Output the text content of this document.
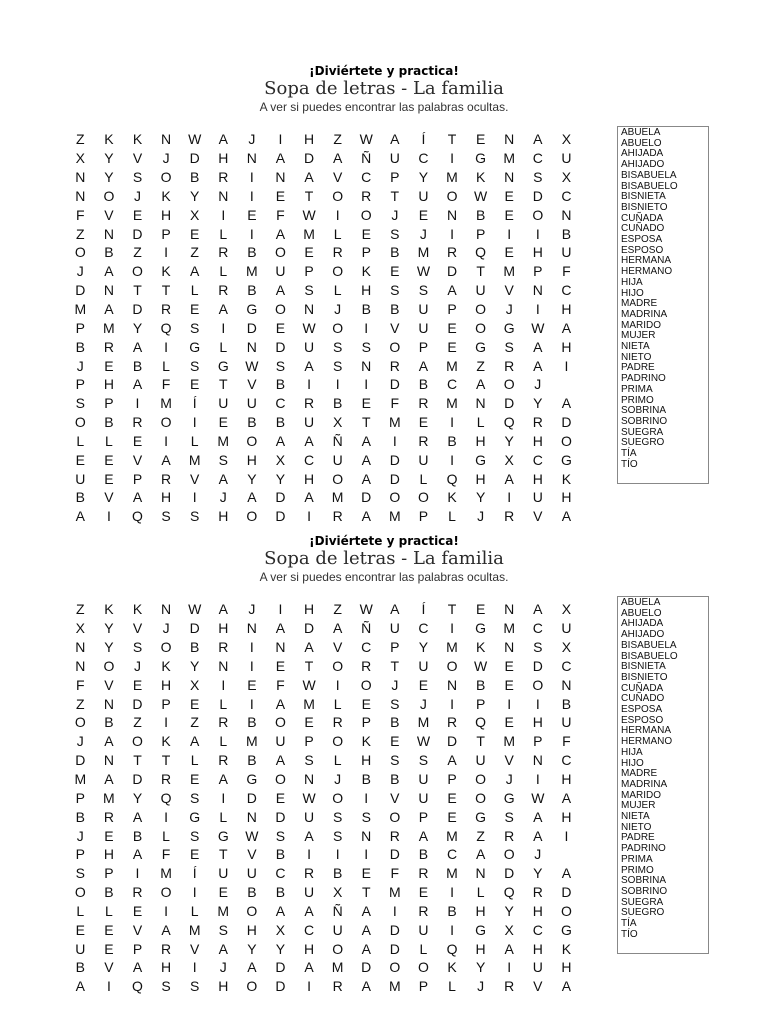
¡Diviértete y practica!
Sopa de letras - La familia
A ver si puedes encontrar las palabras ocultas.
Z	K	K	N	W	A	J	I	H	Z	W	A	Í	T	E	N	A	X
X	Y	V	J	D	H	N	A	D	A	Ñ	U	C	I	G	M	C	U
N	Y	S	O	B	R	I	N	A	V	C	P	Y	M	K	N	S	X
N	O	J	K	Y	N	I	E	T	O	R	T	U	O	W	E	D	C
F	V	E	H	X	I	E	F	W	I	O	J	E	N	B	E	O	N
Z	N	D	P	E	L	I	A	M	L	E	S	J	I	P	I	I	B
O	B	Z	I	Z	R	B	O	E	R	P	B	M	R	Q	E	H	U
J	A	O	K	A	L	M	U	P	O	K	E	W	D	T	M	P	F
D	N	T	T	L	R	B	A	S	L	H	S	S	A	U	V	N	C
M	A	D	R	E	A	G	O	N	J	B	B	U	P	O	J	I	H
P	M	Y	Q	S	I	D	E	W	O	I	V	U	E	O	G	W	A
B	R	A	I	G	L	N	D	U	S	S	O	P	E	G	S	A	H
J	E	B	L	S	G	W	S	A	S	N	R	A	M	Z	R	A	I
P	H	A	F	E	T	V	B	I	I	I	D	B	C	A	O	J
S	P	I	M	Í	U	U	C	R	B	E	F	R	M	N	D	Y	A
O	B	R	O	I	E	B	B	U	X	T	M	E	I	L	Q	R	D
L	L	E	I	L	M	O	A	A	Ñ	A	I	R	B	H	Y	H	O
E	E	V	A	M	S	H	X	C	U	A	D	U	I	G	X	C	G
U	E	P	R	V	A	Y	Y	H	O	A	D	L	Q	H	A	H	K
B	V	A	H	I	J	A	D	A	M	D	O	O	K	Y	I	U	H
A	I	Q	S	S	H	O	D	I	R	A	M	P	L	J	R	V	A
ABUELA
ABUELO
AHIJADA
AHIJADO
BISABUELA
BISABUELO
BISNIETA
BISNIETO
CUÑADA
CUÑADO
ESPOSA
ESPOSO
HERMANA
HERMANO
HIJA
HIJO
MADRE
MADRINA
MARIDO
MUJER
NIETA
NIETO
PADRE
PADRINO
PRIMA
PRIMO
SOBRINA
SOBRINO
SUEGRA
SUEGRO
TÍA
TÍO
¡Diviértete y practica!
Sopa de letras - La familia
A ver si puedes encontrar las palabras ocultas.
Z	K	K	N	W	A	J	I	H	Z	W	A	Í	T	E	N	A	X
X	Y	V	J	D	H	N	A	D	A	Ñ	U	C	I	G	M	C	U
N	Y	S	O	B	R	I	N	A	V	C	P	Y	M	K	N	S	X
N	O	J	K	Y	N	I	E	T	O	R	T	U	O	W	E	D	C
F	V	E	H	X	I	E	F	W	I	O	J	E	N	B	E	O	N
Z	N	D	P	E	L	I	A	M	L	E	S	J	I	P	I	I	B
O	B	Z	I	Z	R	B	O	E	R	P	B	M	R	Q	E	H	U
J	A	O	K	A	L	M	U	P	O	K	E	W	D	T	M	P	F
D	N	T	T	L	R	B	A	S	L	H	S	S	A	U	V	N	C
M	A	D	R	E	A	G	O	N	J	B	B	U	P	O	J	I	H
P	M	Y	Q	S	I	D	E	W	O	I	V	U	E	O	G	W	A
B	R	A	I	G	L	N	D	U	S	S	O	P	E	G	S	A	H
J	E	B	L	S	G	W	S	A	S	N	R	A	M	Z	R	A	I
P	H	A	F	E	T	V	B	I	I	I	D	B	C	A	O	J
S	P	I	M	Í	U	U	C	R	B	E	F	R	M	N	D	Y	A
O	B	R	O	I	E	B	B	U	X	T	M	E	I	L	Q	R	D
L	L	E	I	L	M	O	A	A	Ñ	A	I	R	B	H	Y	H	O
E	E	V	A	M	S	H	X	C	U	A	D	U	I	G	X	C	G
U	E	P	R	V	A	Y	Y	H	O	A	D	L	Q	H	A	H	K
B	V	A	H	I	J	A	D	A	M	D	O	O	K	Y	I	U	H
A	I	Q	S	S	H	O	D	I	R	A	M	P	L	J	R	V	A
ABUELA
ABUELO
AHIJADA
AHIJADO
BISABUELA
BISABUELO
BISNIETA
BISNIETO
CUÑADA
CUÑADO
ESPOSA
ESPOSO
HERMANA
HERMANO
HIJA
HIJO
MADRE
MADRINA
MARIDO
MUJER
NIETA
NIETO
PADRE
PADRINO
PRIMA
PRIMO
SOBRINA
SOBRINO
SUEGRA
SUEGRO
TÍA
TÍO
